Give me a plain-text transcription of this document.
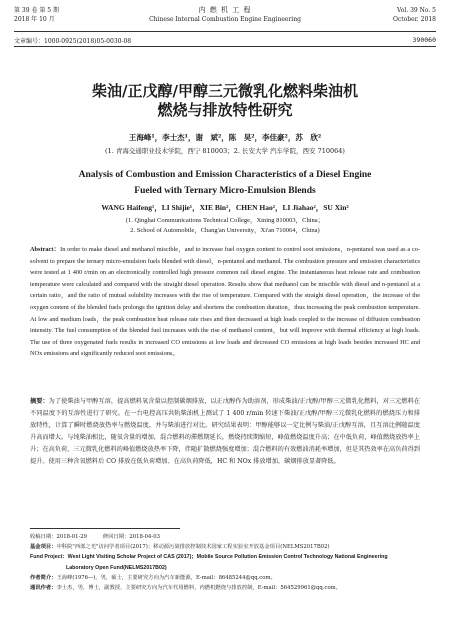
第 39 卷 第 5 期
2018 年 10 月
内 燃 机 工 程
Chinese Internal Combustion Engine Engineering
Vol. 39 No. 5
October. 2018
文章编号：1000-0925(2018)05-0030-08	390060
柴油/正戊醇/甲醇三元微乳化燃料柴油机
燃烧与排放特性研究
王海峰¹，李士杰¹，谢　斌²，陈　昊²，李佳豪²，苏　欣²
(1. 青海交通职业技术学院，西宁 810003；2. 长安大学 汽车学院，西安 710064)
Analysis of Combustion and Emission Characteristics of a Diesel Engine
Fueled with Ternary Micro-Emulsion Blends
WANG Haifeng¹，LI Shijie¹，XIE Bin²，CHEN Hao²，LI Jiahao²，SU Xin²
(1. Qinghai Communications Technical College，Xining 810003，China；
2. School of Automobile，Chang'an University，Xi'an 710064，China)
Abstract：In order to make diesel and methanol miscible，and to increase fuel oxygen content to control soot emissions，n-pentanol was used as a co-solvent to prepare the ternary micro-emulsion fuels blended with diesel，n-pentanol and methanol. The combustion pressure and emission characteristics were tested at 1 400 r/min on an electronically controlled high pressure common rail diesel engine. The instantaneous heat release rate and combustion temperature were calculated and compared with the straight diesel operation. Results show that methanol can be miscible with diesel and n-pentanol at a certain ratio，and the ratio of mutual solubility increases with the rise of temperature. Compared with the straight diesel operation，the increase of the oxygen content of the blended fuels prolongs the ignition delay and shortens the combustion duration，thus increasing the peak combustion temperature. At low and medium loads，the peak combustion heat release rate rises and then decreased at high loads coupled to the increase of diffusion combustion intensity. The fuel consumption of the blended fuel increases with the rise of methanol content，but will improve with thermal efficiency at high loads. The use of three oxygenated fuels results in increased CO emissions at low loads and decreased CO emissions at high loads besides increased HC and NOx emissions and significantly reduced soot emissions。
摘要：为了使柴油与甲醇互溶，提高燃料氧含量以控制碳烟排放，以正戊醇作为助溶剂，形成柴油/正戊醇/甲醇三元微乳化燃料，对三元燃料在不同温度下的互溶性进行了研究。在一台电控高压共轨柴油机上测试了 1 400 r/min 转速下柴油/正戊醇/甲醇三元微乳化燃料的燃烧压力和排放特性，计算了瞬时燃烧放热率与燃烧温度，并与柴油进行对比。研究结果表明：甲醇能够以一定比例与柴油/正戊醇互溶，且互溶比例随温度升高而增大。与纯柴油相比，随氧含量的增加，混合燃料的滞燃期延长，燃烧持续期缩短，峰值燃烧温度升高；在中低负荷，峰值燃烧放热率上升；在高负荷，三元微乳化燃料的峰值燃烧放热率下降，伴随扩散燃烧强度增加；混合燃料的有效燃油消耗率增加，但是其热效率在高负荷得到提升。使用三种含氧燃料后 CO 排放在低负荷增加、在高负荷降低，HC 和 NOx 排放增加，碳烟排放显著降低。

收稿日期：2018-01-29　　　修回日期：2018-04-03

基金项目：中科院"西部之光"访问学者项目(2017)；移动源污染排放控制技术国家工程实验室开放基金项目(NELMS2017B02)

Fund Project：West Light Visiting Scholar Project of CAS (2017)；Mobile Source Pollution Emission Control Technology National Engineering

Laboratory Open Fund(NELMS2017B02)

作者简介：王海峰(1976—)，男，硕士，主要研究方向为汽车新能源，E-mail：86485244@qq.com。

通讯作者：李士杰，男，博士，副教授，主要研究方向为汽车代用燃料，内燃机燃烧与排放控制，E-mail：564529961@qq.com。
